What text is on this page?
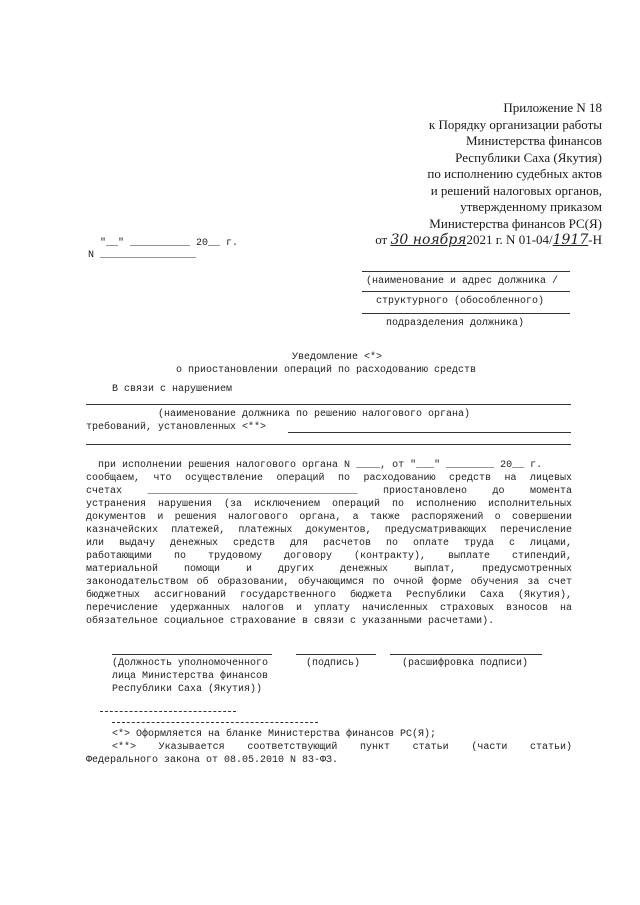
Приложение N 18
к Порядку организации работы
Министерства финансов
Республики Саха (Якутия)
по исполнению судебных актов
и решений налоговых органов,
утвержденному приказом
Министерства финансов РС(Я)
от 30 ноября2021 г. N 01-04/1917-Н
"__" __________ 20__ г.
N ________________
(наименование и адрес должника /
структурного (обособленного)
подразделения должника)
Уведомление <*>
о приостановлении операций по расходованию средств
В связи с нарушением
(наименование должника по решению налогового органа)
требований, установленных <**>

при исполнении решения налогового органа N ____, от "___" ________ 20__ г.

сообщаем, что осуществление операций по расходованию средств на лицевых
счетах ___________________________________ приостановлено до момента
устранения нарушения (за исключением операций по исполнению исполнительных
документов и решения налогового органа, а также распоряжений о совершении
казначейских платежей, платежных документов, предусматривающих перечисление
или выдачу денежных средств для расчетов по оплате труда с лицами,
работающими по трудовому договору (контракту), выплате стипендий,
материальной помощи и других денежных выплат, предусмотренных
законодательством об образовании, обучающимся по очной форме обучения за счет
бюджетных ассигнований государственного бюджета Республики Саха (Якутия),
перечисление удержанных налогов и уплату начисленных страховых взносов на
обязательное социальное страхование в связи с указанными расчетами).
(Должность уполномоченного	(подпись)	(расшифровка подписи)
лица Министерства финансов
Республики Саха (Якутия))
<*> Оформляется на бланке Министерства финансов РС(Я);
<**> Указывается соответствующий пункт статьи (части статьи)
Федерального закона от 08.05.2010 N 83-ФЗ.
